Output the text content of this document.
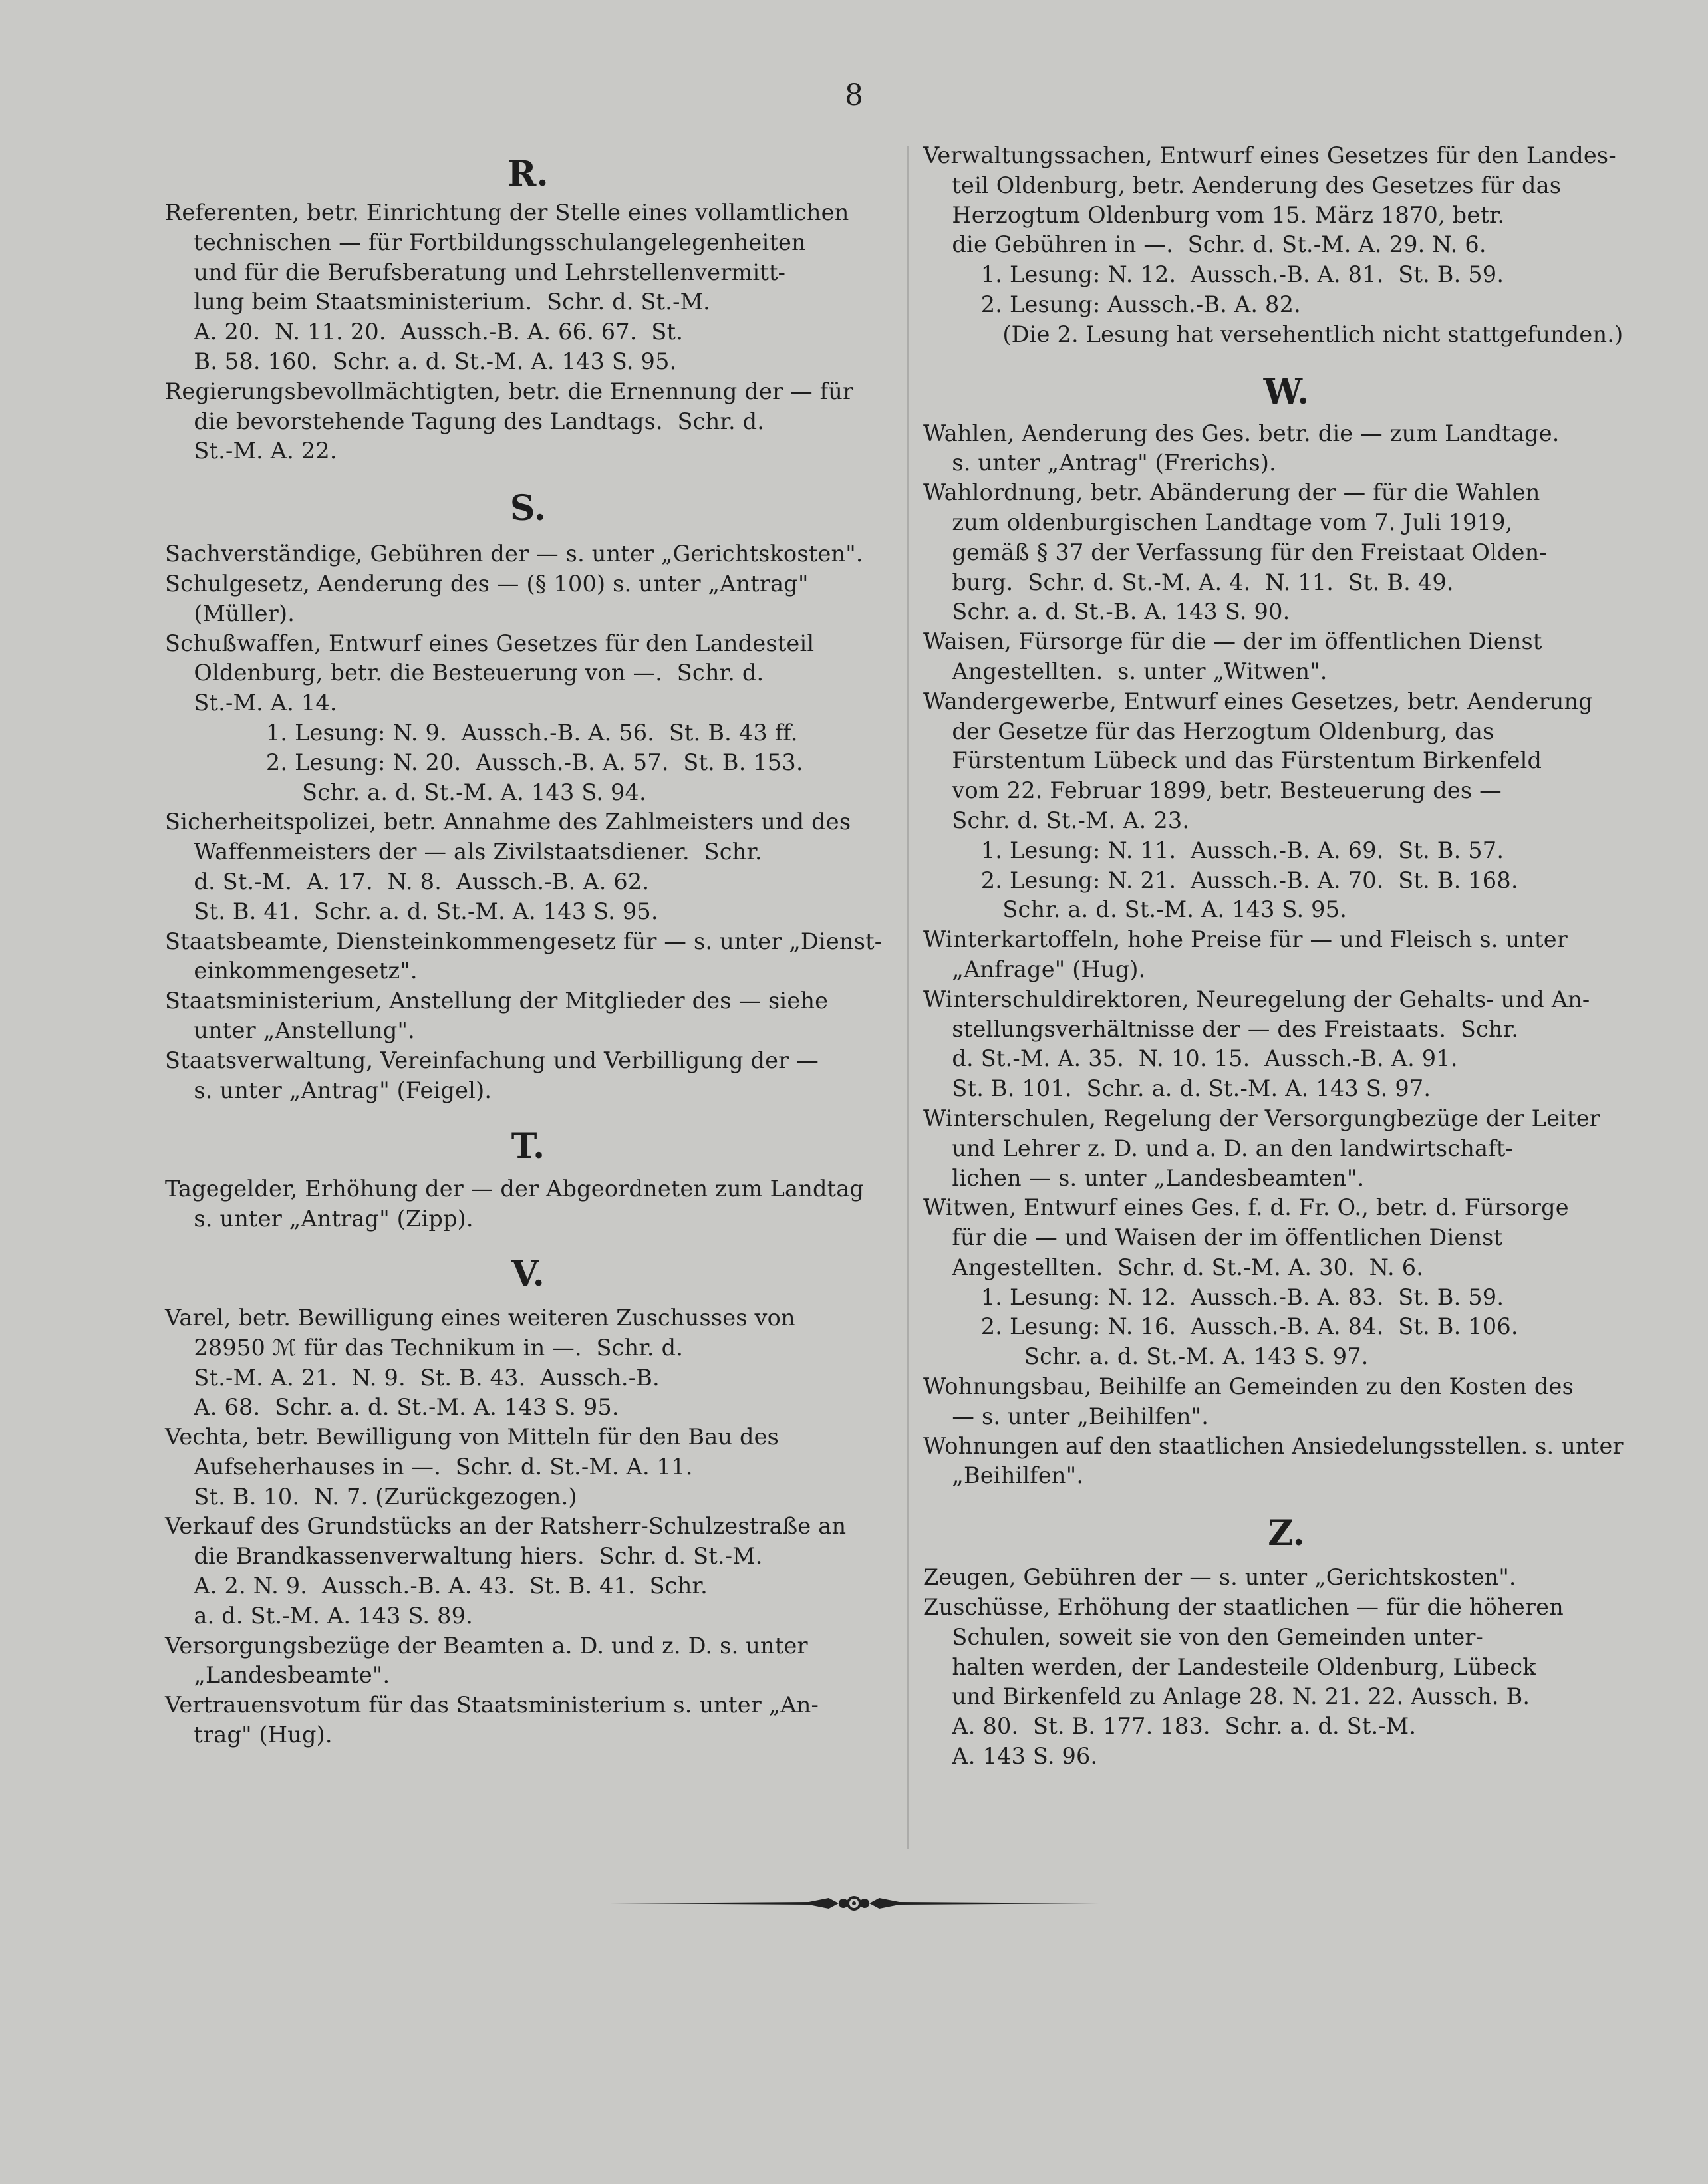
8
R.
Referenten, betr. Einrichtung der Stelle eines vollamtlichen
technischen — für Fortbildungsschulangelegenheiten
und für die Berufsberatung und Lehrstellenvermitt-
lung beim Staatsministerium.  Schr. d. St.-M.
A. 20.  N. 11. 20.  Aussch.-B. A. 66. 67.  St.
B. 58. 160.  Schr. a. d. St.-M. A. 143 S. 95.
Regierungsbevollmächtigten, betr. die Ernennung der — für
die bevorstehende Tagung des Landtags.  Schr. d.
St.-M. A. 22.
S.
Sachverständige, Gebühren der — s. unter „Gerichtskosten".
Schulgesetz, Aenderung des — (§ 100) s. unter „Antrag"
(Müller).
Schußwaffen, Entwurf eines Gesetzes für den Landesteil
Oldenburg, betr. die Besteuerung von —.  Schr. d.
St.-M. A. 14.
1. Lesung: N. 9.  Aussch.-B. A. 56.  St. B. 43 ff.
2. Lesung: N. 20.  Aussch.-B. A. 57.  St. B. 153.
Schr. a. d. St.-M. A. 143 S. 94.
Sicherheitspolizei, betr. Annahme des Zahlmeisters und des
Waffenmeisters der — als Zivilstaatsdiener.  Schr.
d. St.-M.  A. 17.  N. 8.  Aussch.-B. A. 62.
St. B. 41.  Schr. a. d. St.-M. A. 143 S. 95.
Staatsbeamte, Diensteinkommengesetz für — s. unter „Dienst-
einkommengesetz".
Staatsministerium, Anstellung der Mitglieder des — siehe
unter „Anstellung".
Staatsverwaltung, Vereinfachung und Verbilligung der —
s. unter „Antrag" (Feigel).
T.
Tagegelder, Erhöhung der — der Abgeordneten zum Landtag
s. unter „Antrag" (Zipp).
V.
Varel, betr. Bewilligung eines weiteren Zuschusses von
28950 ℳ für das Technikum in —.  Schr. d.
St.-M. A. 21.  N. 9.  St. B. 43.  Aussch.-B.
A. 68.  Schr. a. d. St.-M. A. 143 S. 95.
Vechta, betr. Bewilligung von Mitteln für den Bau des
Aufseherhauses in —.  Schr. d. St.-M. A. 11.
St. B. 10.  N. 7. (Zurückgezogen.)
Verkauf des Grundstücks an der Ratsherr-Schulzestraße an
die Brandkassenverwaltung hiers.  Schr. d. St.-M.
A. 2. N. 9.  Aussch.-B. A. 43.  St. B. 41.  Schr.
a. d. St.-M. A. 143 S. 89.
Versorgungsbezüge der Beamten a. D. und z. D. s. unter
„Landesbeamte".
Vertrauensvotum für das Staatsministerium s. unter „An-
trag" (Hug).
Verwaltungssachen, Entwurf eines Gesetzes für den Landes-
teil Oldenburg, betr. Aenderung des Gesetzes für das
Herzogtum Oldenburg vom 15. März 1870, betr.
die Gebühren in —.  Schr. d. St.-M. A. 29. N. 6.
1. Lesung: N. 12.  Aussch.-B. A. 81.  St. B. 59.
2. Lesung: Aussch.-B. A. 82.
(Die 2. Lesung hat versehentlich nicht stattgefunden.)
W.
Wahlen, Aenderung des Ges. betr. die — zum Landtage.
s. unter „Antrag" (Frerichs).
Wahlordnung, betr. Abänderung der — für die Wahlen
zum oldenburgischen Landtage vom 7. Juli 1919,
gemäß § 37 der Verfassung für den Freistaat Olden-
burg.  Schr. d. St.-M. A. 4.  N. 11.  St. B. 49.
Schr. a. d. St.-B. A. 143 S. 90.
Waisen, Fürsorge für die — der im öffentlichen Dienst
Angestellten.  s. unter „Witwen".
Wandergewerbe, Entwurf eines Gesetzes, betr. Aenderung
der Gesetze für das Herzogtum Oldenburg, das
Fürstentum Lübeck und das Fürstentum Birkenfeld
vom 22. Februar 1899, betr. Besteuerung des —
Schr. d. St.-M. A. 23.
1. Lesung: N. 11.  Aussch.-B. A. 69.  St. B. 57.
2. Lesung: N. 21.  Aussch.-B. A. 70.  St. B. 168.
Schr. a. d. St.-M. A. 143 S. 95.
Winterkartoffeln, hohe Preise für — und Fleisch s. unter
„Anfrage" (Hug).
Winterschuldirektoren, Neuregelung der Gehalts- und An-
stellungsverhältnisse der — des Freistaats.  Schr.
d. St.-M. A. 35.  N. 10. 15.  Aussch.-B. A. 91.
St. B. 101.  Schr. a. d. St.-M. A. 143 S. 97.
Winterschulen, Regelung der Versorgungbezüge der Leiter
und Lehrer z. D. und a. D. an den landwirtschaft-
lichen — s. unter „Landesbeamten".
Witwen, Entwurf eines Ges. f. d. Fr. O., betr. d. Fürsorge
für die — und Waisen der im öffentlichen Dienst
Angestellten.  Schr. d. St.-M. A. 30.  N. 6.
1. Lesung: N. 12.  Aussch.-B. A. 83.  St. B. 59.
2. Lesung: N. 16.  Aussch.-B. A. 84.  St. B. 106.
Schr. a. d. St.-M. A. 143 S. 97.
Wohnungsbau, Beihilfe an Gemeinden zu den Kosten des
— s. unter „Beihilfen".
Wohnungen auf den staatlichen Ansiedelungsstellen. s. unter
„Beihilfen".
Z.
Zeugen, Gebühren der — s. unter „Gerichtskosten".
Zuschüsse, Erhöhung der staatlichen — für die höheren
Schulen, soweit sie von den Gemeinden unter-
halten werden, der Landesteile Oldenburg, Lübeck
und Birkenfeld zu Anlage 28. N. 21. 22. Aussch. B.
A. 80.  St. B. 177. 183.  Schr. a. d. St.-M.
A. 143 S. 96.
